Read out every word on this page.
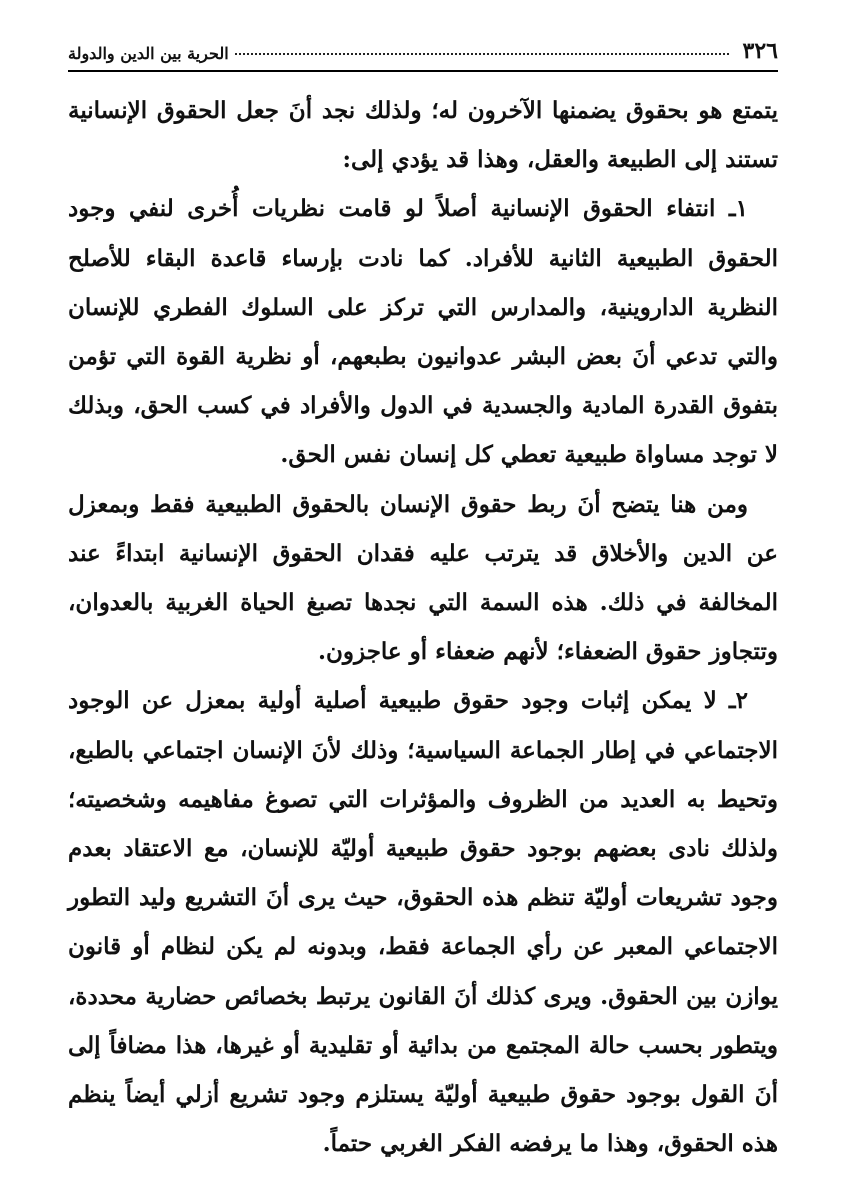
٣٢٦
الحرية بين الدين والدولة

يتمتع هو بحقوق يضمنها الآخرون له؛ ولذلك نجد أنَ جعل الحقوق الإنسانية تستند إلى الطبيعة والعقل، وهذا قد يؤدي إلى:

١ـ انتفاء الحقوق الإنسانية أصلاً لو قامت نظريات أُخرى لنفي وجود الحقوق الطبيعية الثانية للأفراد. كما نادت بإرساء قاعدة البقاء للأصلح النظرية الداروينية، والمدارس التي تركز على السلوك الفطري للإنسان والتي تدعي أنَ بعض البشر عدوانيون بطبعهم، أو نظرية القوة التي تؤمن بتفوق القدرة المادية والجسدية في الدول والأفراد في كسب الحق، وبذلك لا توجد مساواة طبيعية تعطي كل إنسان نفس الحق.

ومن هنا يتضح أنَ ربط حقوق الإنسان بالحقوق الطبيعية فقط وبمعزل عن الدين والأخلاق قد يترتب عليه فقدان الحقوق الإنسانية ابتداءً عند المخالفة في ذلك. هذه السمة التي نجدها تصبغ الحياة الغربية بالعدوان، وتتجاوز حقوق الضعفاء؛ لأنهم ضعفاء أو عاجزون.

٢ـ لا يمكن إثبات وجود حقوق طبيعية أصلية أولية بمعزل عن الوجود الاجتماعي في إطار الجماعة السياسية؛ وذلك لأنَ الإنسان اجتماعي بالطبع، وتحيط به العديد من الظروف والمؤثرات التي تصوغ مفاهيمه وشخصيته؛ ولذلك نادى بعضهم بوجود حقوق طبيعية أوليّة للإنسان، مع الاعتقاد بعدم وجود تشريعات أوليّة تنظم هذه الحقوق، حيث يرى أنَ التشريع وليد التطور الاجتماعي المعبر عن رأي الجماعة فقط، وبدونه لم يكن لنظام أو قانون يوازن بين الحقوق. ويرى كذلك أنَ القانون يرتبط بخصائص حضارية محددة، ويتطور بحسب حالة المجتمع من بدائية أو تقليدية أو غيرها، هذا مضافاً إلى أنَ القول بوجود حقوق طبيعية أوليّة يستلزم وجود تشريع أزلي أيضاً ينظم هذه الحقوق، وهذا ما يرفضه الفكر الغربي حتماً.
